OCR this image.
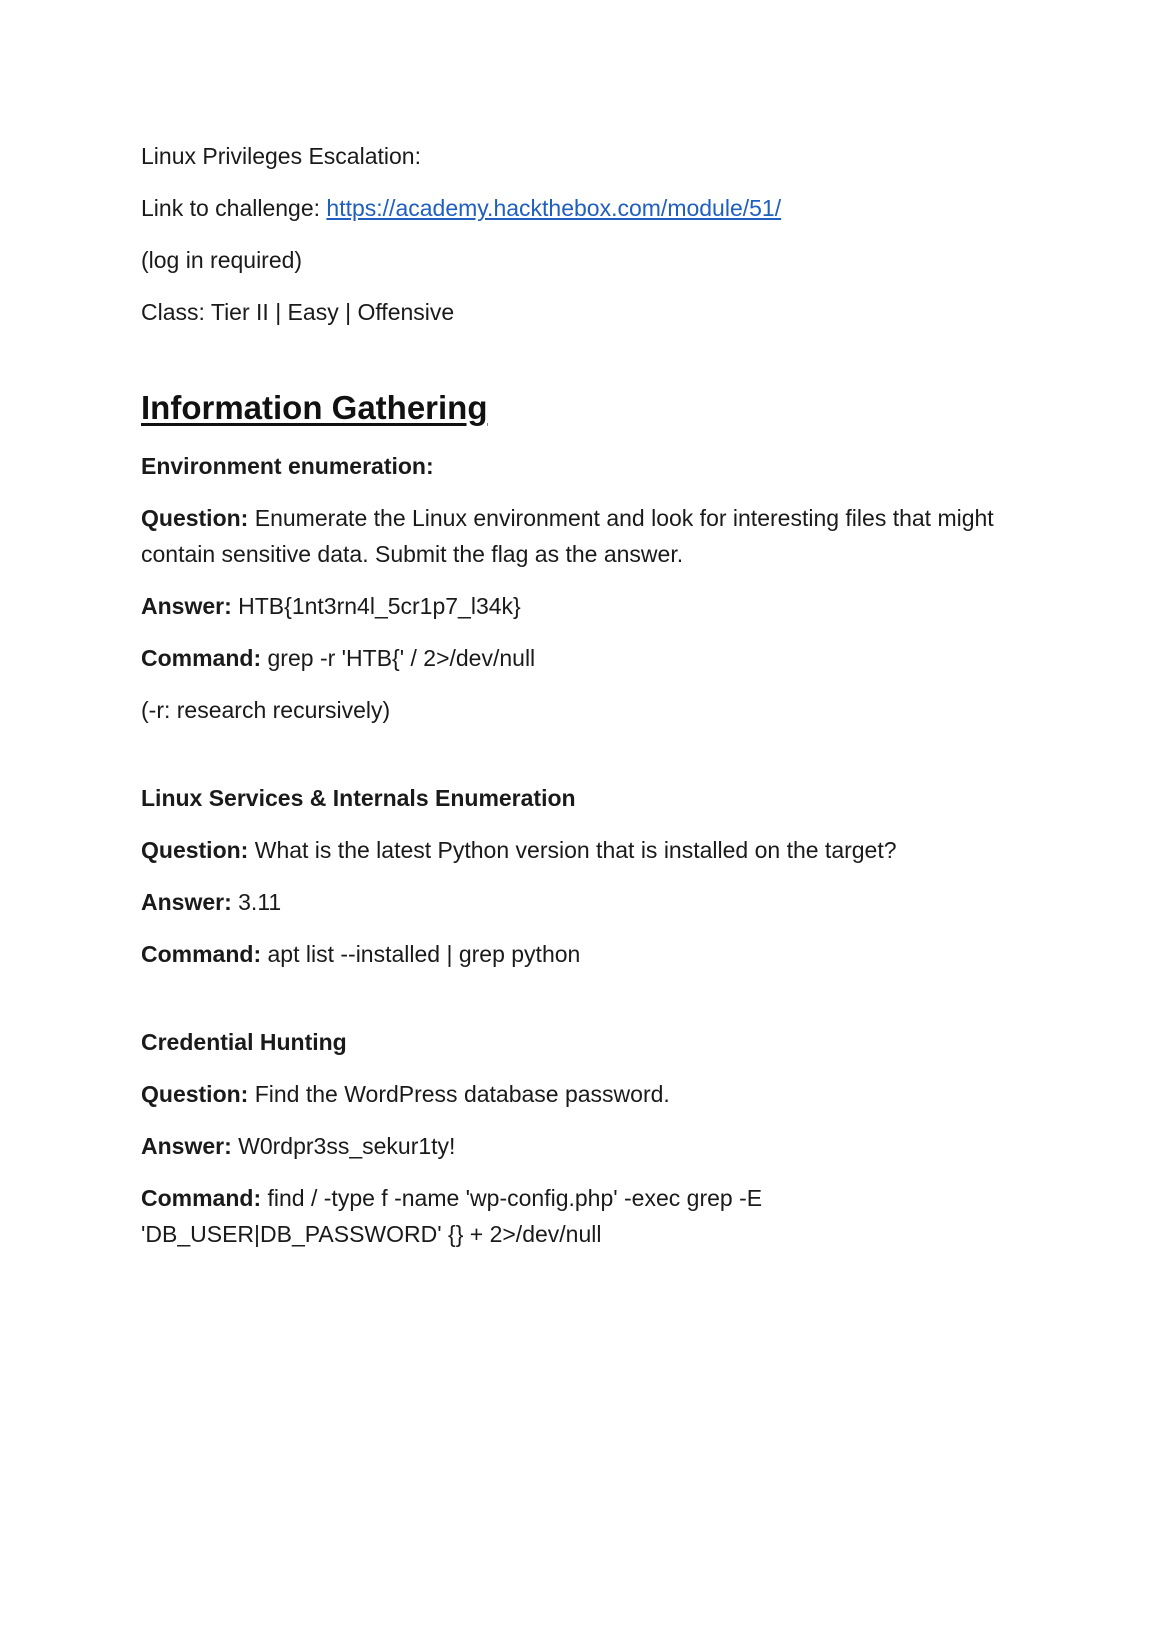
Linux Privileges Escalation:

Link to challenge: https://academy.hackthebox.com/module/51/

(log in required)

Class: Tier II | Easy | Offensive

Information Gathering
Environment enumeration:

Question: Enumerate the Linux environment and look for interesting files that might contain sensitive data. Submit the flag as the answer.

Answer: HTB{1nt3rn4l_5cr1p7_l34k}

Command: grep -r 'HTB{' / 2>/dev/null

(-r: research recursively)

Linux Services & Internals Enumeration

Question: What is the latest Python version that is installed on the target?

Answer: 3.11

Command: apt list --installed | grep python

Credential Hunting

Question: Find the WordPress database password.

Answer: W0rdpr3ss_sekur1ty!

Command: find / -type f -name 'wp-config.php' -exec grep -E 'DB_USER|DB_PASSWORD' {} + 2>/dev/null
